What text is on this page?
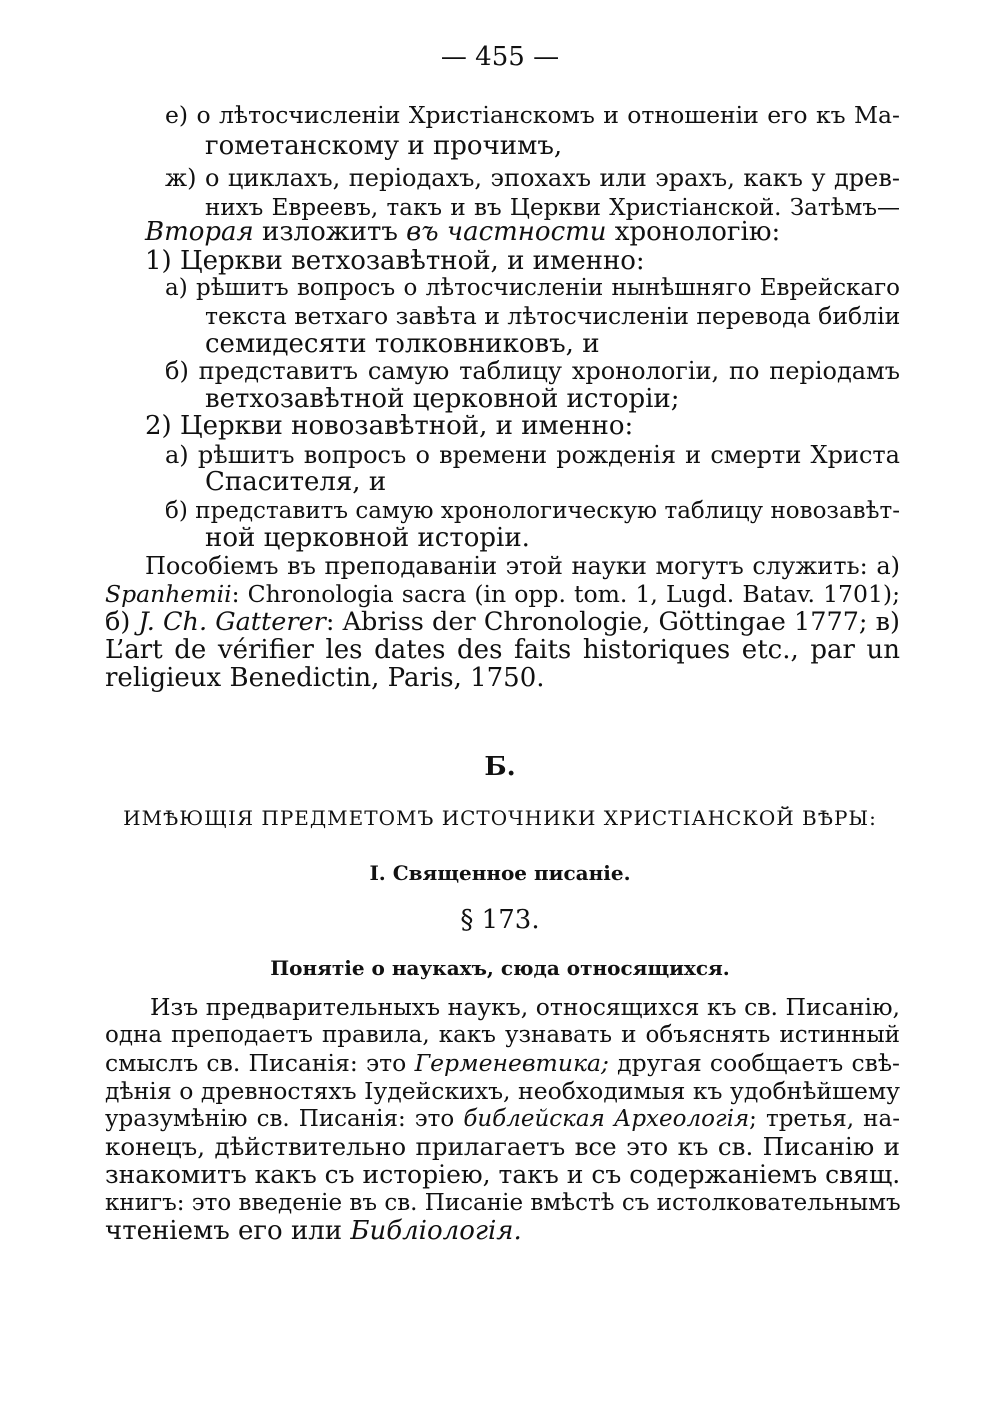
— 455 —

е) о лѣтосчисленіи Христіанскомъ и отношеніи его къ Ма-

гометанскому и прочимъ,

ж) о циклахъ, періодахъ, эпохахъ или эрахъ, какъ у древ-

нихъ Евреевъ, такъ и въ Церкви Христіанской. Затѣмъ—

Вторая изложитъ въ частности хронологію:

1) Церкви ветхозавѣтной, и именно:

а) рѣшитъ вопросъ о лѣтосчисленіи нынѣшняго Еврейскаго

текста ветхаго завѣта и лѣтосчисленіи перевода библіи

семидесяти толковниковъ, и

б) представитъ самую таблицу хронологіи, по періодамъ

ветхозавѣтной церковной исторіи;

2) Церкви новозавѣтной, и именно:

а) рѣшитъ вопросъ о времени рожденія и смерти Христа

Спасителя, и

б) представитъ самую хронологическую таблицу новозавѣт-

ной церковной исторіи.

Пособіемъ въ преподаваніи этой науки могутъ служить: а)

Spanhemii: Chronologia sacra (in opp. tom. 1, Lugd. Batav. 1701);

б) J. Ch. Gatterer: Abriss der Chronologie, Göttingae 1777; в)

L’art de vérifier les dates des faits historiques etc., par un

religieux Benedictin, Paris, 1750.

Б.

ИМѢЮЩІЯ ПРЕДМЕТОМЪ ИСТОЧНИКИ ХРИСТІАНСКОЙ ВѢРЫ:

I. Священное писаніе.

§ 173.

Понятіе о наукахъ, сюда относящихся.

Изъ предварительныхъ наукъ, относящихся къ св. Писанію,

одна преподаетъ правила, какъ узнавать и объяснять истинный

смыслъ св. Писанія: это Герменевтика; другая сообщаетъ свѣ-

дѣнія о древностяхъ Іудейскихъ, необходимыя къ удобнѣйшему

уразумѣнію св. Писанія: это библейская Археологія; третья, на-

конецъ, дѣйствительно прилагаетъ все это къ св. Писанію и

знакомитъ какъ съ исторіею, такъ и съ содержаніемъ свящ.

книгъ: это введеніе въ св. Писаніе вмѣстѣ съ истолковательнымъ

чтеніемъ его или Библіологія.
